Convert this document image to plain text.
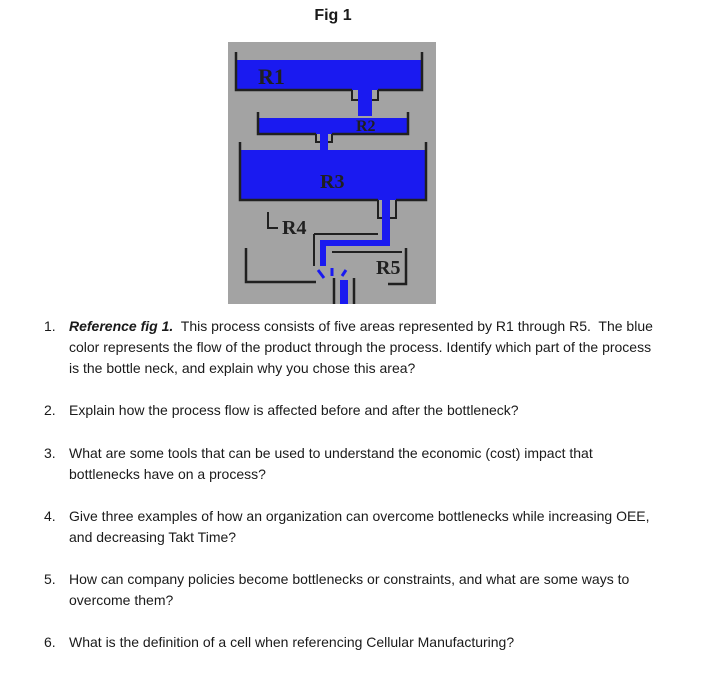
Fig 1
R1
R2
R3
R4
R5
1. Reference fig 1.  This process consists of five areas represented by R1 through R5.  The blue color represents the flow of the product through the process. Identify which part of the process is the bottle neck, and explain why you chose this area?
2. Explain how the process flow is affected before and after the bottleneck?
3. What are some tools that can be used to understand the economic (cost) impact that bottlenecks have on a process?
4. Give three examples of how an organization can overcome bottlenecks while increasing OEE, and decreasing Takt Time?
5. How can company policies become bottlenecks or constraints, and what are some ways to overcome them?
6. What is the definition of a cell when referencing Cellular Manufacturing?
